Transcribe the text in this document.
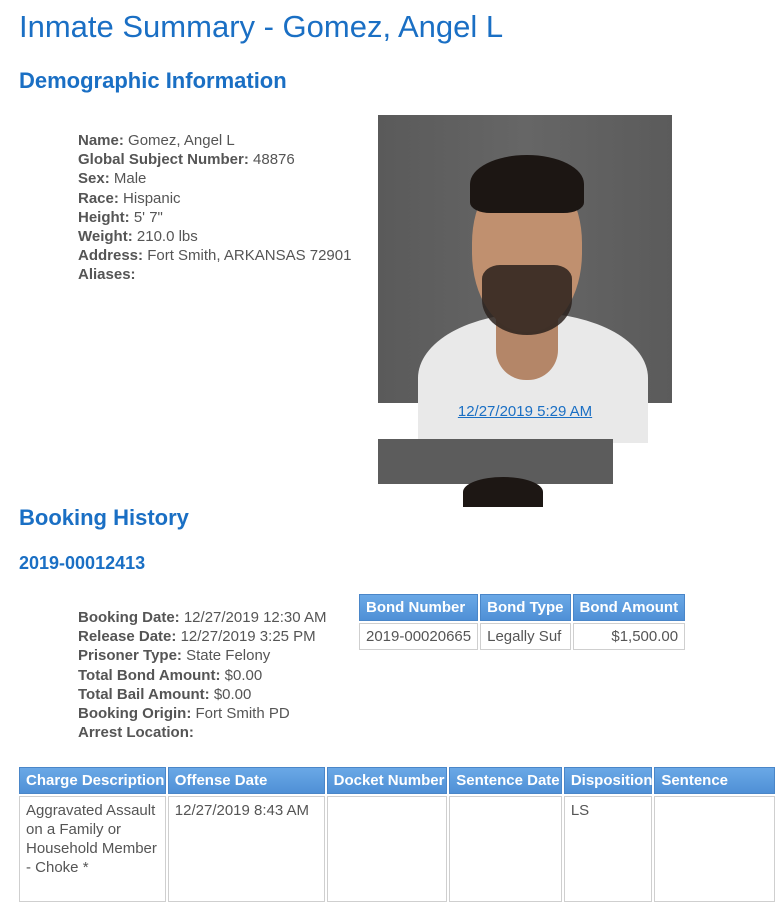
Inmate Summary - Gomez, Angel L
Demographic Information
Name: Gomez, Angel L
Global Subject Number: 48876
Sex: Male
Race: Hispanic
Height: 5' 7"
Weight: 210.0 lbs
Address: Fort Smith, ARKANSAS 72901
Aliases:
12/27/2019 5:29 AM
Booking History
2019-00012413
Booking Date: 12/27/2019 12:30 AM
Release Date: 12/27/2019 3:25 PM
Prisoner Type: State Felony
Total Bond Amount: $0.00
Total Bail Amount: $0.00
Booking Origin: Fort Smith PD
Arrest Location:
Bond Number	Bond Type	Bond Amount
2019-00020665	Legally Suf	$1,500.00
Charge Description	Offense Date	Docket Number	Sentence Date	Disposition	Sentence
Aggravated Assault on a Family or Household Member - Choke *	12/27/2019 8:43 AM			LS	
